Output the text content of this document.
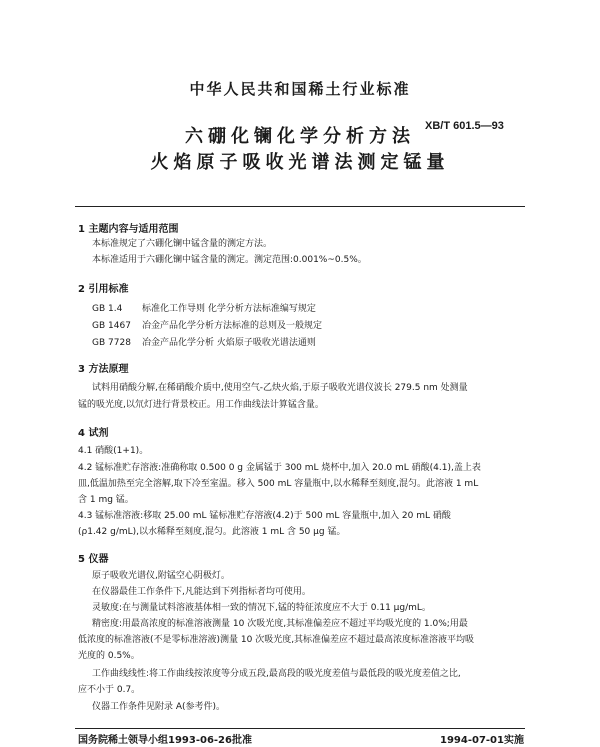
中华人民共和国稀土行业标准
六硼化镧化学分析方法
火焰原子吸收光谱法测定锰量
XB/T 601.5—93
1 主题内容与适用范围
本标准规定了六硼化镧中锰含量的测定方法。
本标准适用于六硼化镧中锰含量的测定。测定范围:0.001%~0.5%。
2 引用标准
GB 1.4 标准化工作导则 化学分析方法标准编写规定
GB 1467 冶金产品化学分析方法标准的总则及一般规定
GB 7728 冶金产品化学分析 火焰原子吸收光谱法通则
3 方法原理
试料用硝酸分解,在稀硝酸介质中,使用空气-乙炔火焰,于原子吸收光谱仪波长 279.5 nm 处测量
锰的吸光度,以氘灯进行背景校正。用工作曲线法计算锰含量。
4 试剂
4.1 硝酸(1+1)。
4.2 锰标准贮存溶液:准确称取 0.500 0 g 金属锰于 300 mL 烧杯中,加入 20.0 mL 硝酸(4.1),盖上表
皿,低温加热至完全溶解,取下冷至室温。移入 500 mL 容量瓶中,以水稀释至刻度,混匀。此溶液 1 mL
含 1 mg 锰。
4.3 锰标准溶液:移取 25.00 mL 锰标准贮存溶液(4.2)于 500 mL 容量瓶中,加入 20 mL 硝酸
(ρ1.42 g/mL),以水稀释至刻度,混匀。此溶液 1 mL 含 50 μg 锰。
5 仪器
原子吸收光谱仪,附锰空心阴极灯。
在仪器最佳工作条件下,凡能达到下列指标者均可使用。
灵敏度:在与测量试料溶液基体相一致的情况下,锰的特征浓度应不大于 0.11 μg/mL。
精密度:用最高浓度的标准溶液测量 10 次吸光度,其标准偏差应不超过平均吸光度的 1.0%;用最
低浓度的标准溶液(不是零标准溶液)测量 10 次吸光度,其标准偏差应不超过最高浓度标准溶液平均吸
光度的 0.5%。
工作曲线线性:将工作曲线按浓度等分成五段,最高段的吸光度差值与最低段的吸光度差值之比,
应不小于 0.7。
仪器工作条件见附录 A(参考件)。
国务院稀土领导小组1993-06-26批准	1994-07-01实施
